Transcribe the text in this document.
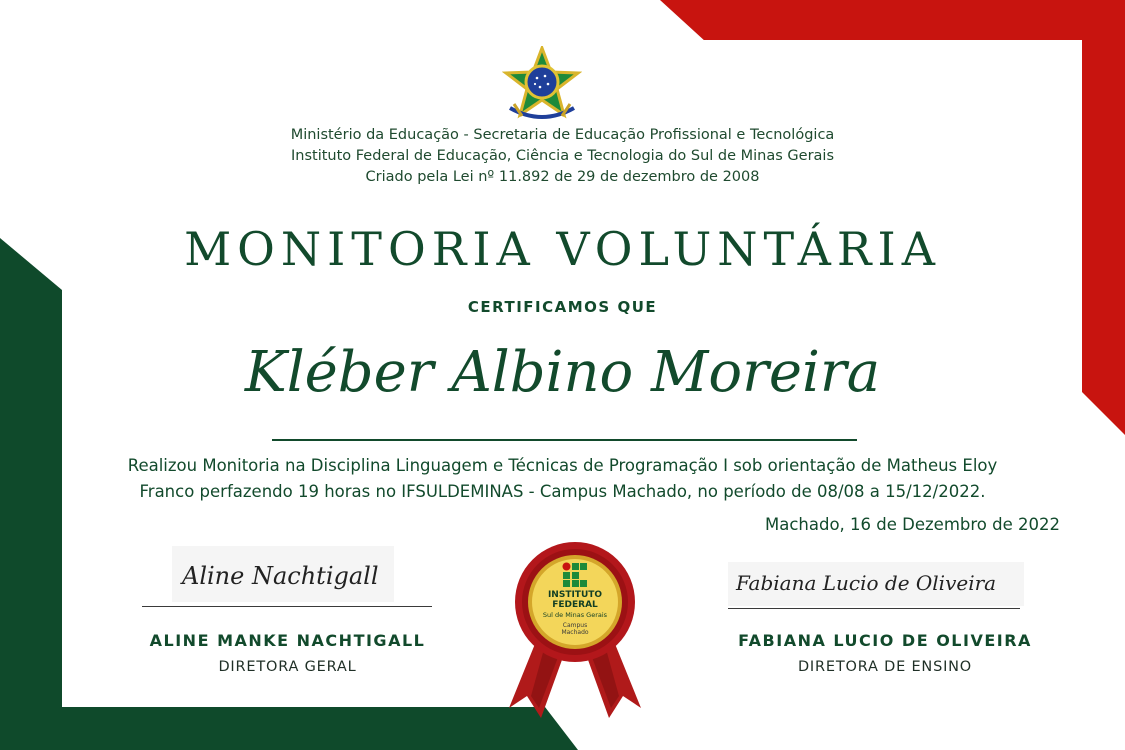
Ministério da Educação - Secretaria de Educação Profissional e Tecnológica
Instituto Federal de Educação, Ciência e Tecnologia do Sul de Minas Gerais
Criado pela Lei nº 11.892 de 29 de dezembro de 2008
MONITORIA VOLUNTÁRIA
CERTIFICAMOS QUE
Kléber Albino Moreira
Realizou Monitoria na Disciplina Linguagem e Técnicas de Programação I sob orientação de Matheus Eloy
Franco perfazendo 19 horas no IFSULDEMINAS - Campus Machado, no período de 08/08 a 15/12/2022.
Machado, 16 de Dezembro de 2022
Aline Nachtigall
ALINE MANKE NACHTIGALL
DIRETORA GERAL
Fabiana Lucio de Oliveira
FABIANA LUCIO DE OLIVEIRA
DIRETORA DE ENSINO
INSTITUTO
FEDERAL
Sul de Minas Gerais
Campus
Machado
